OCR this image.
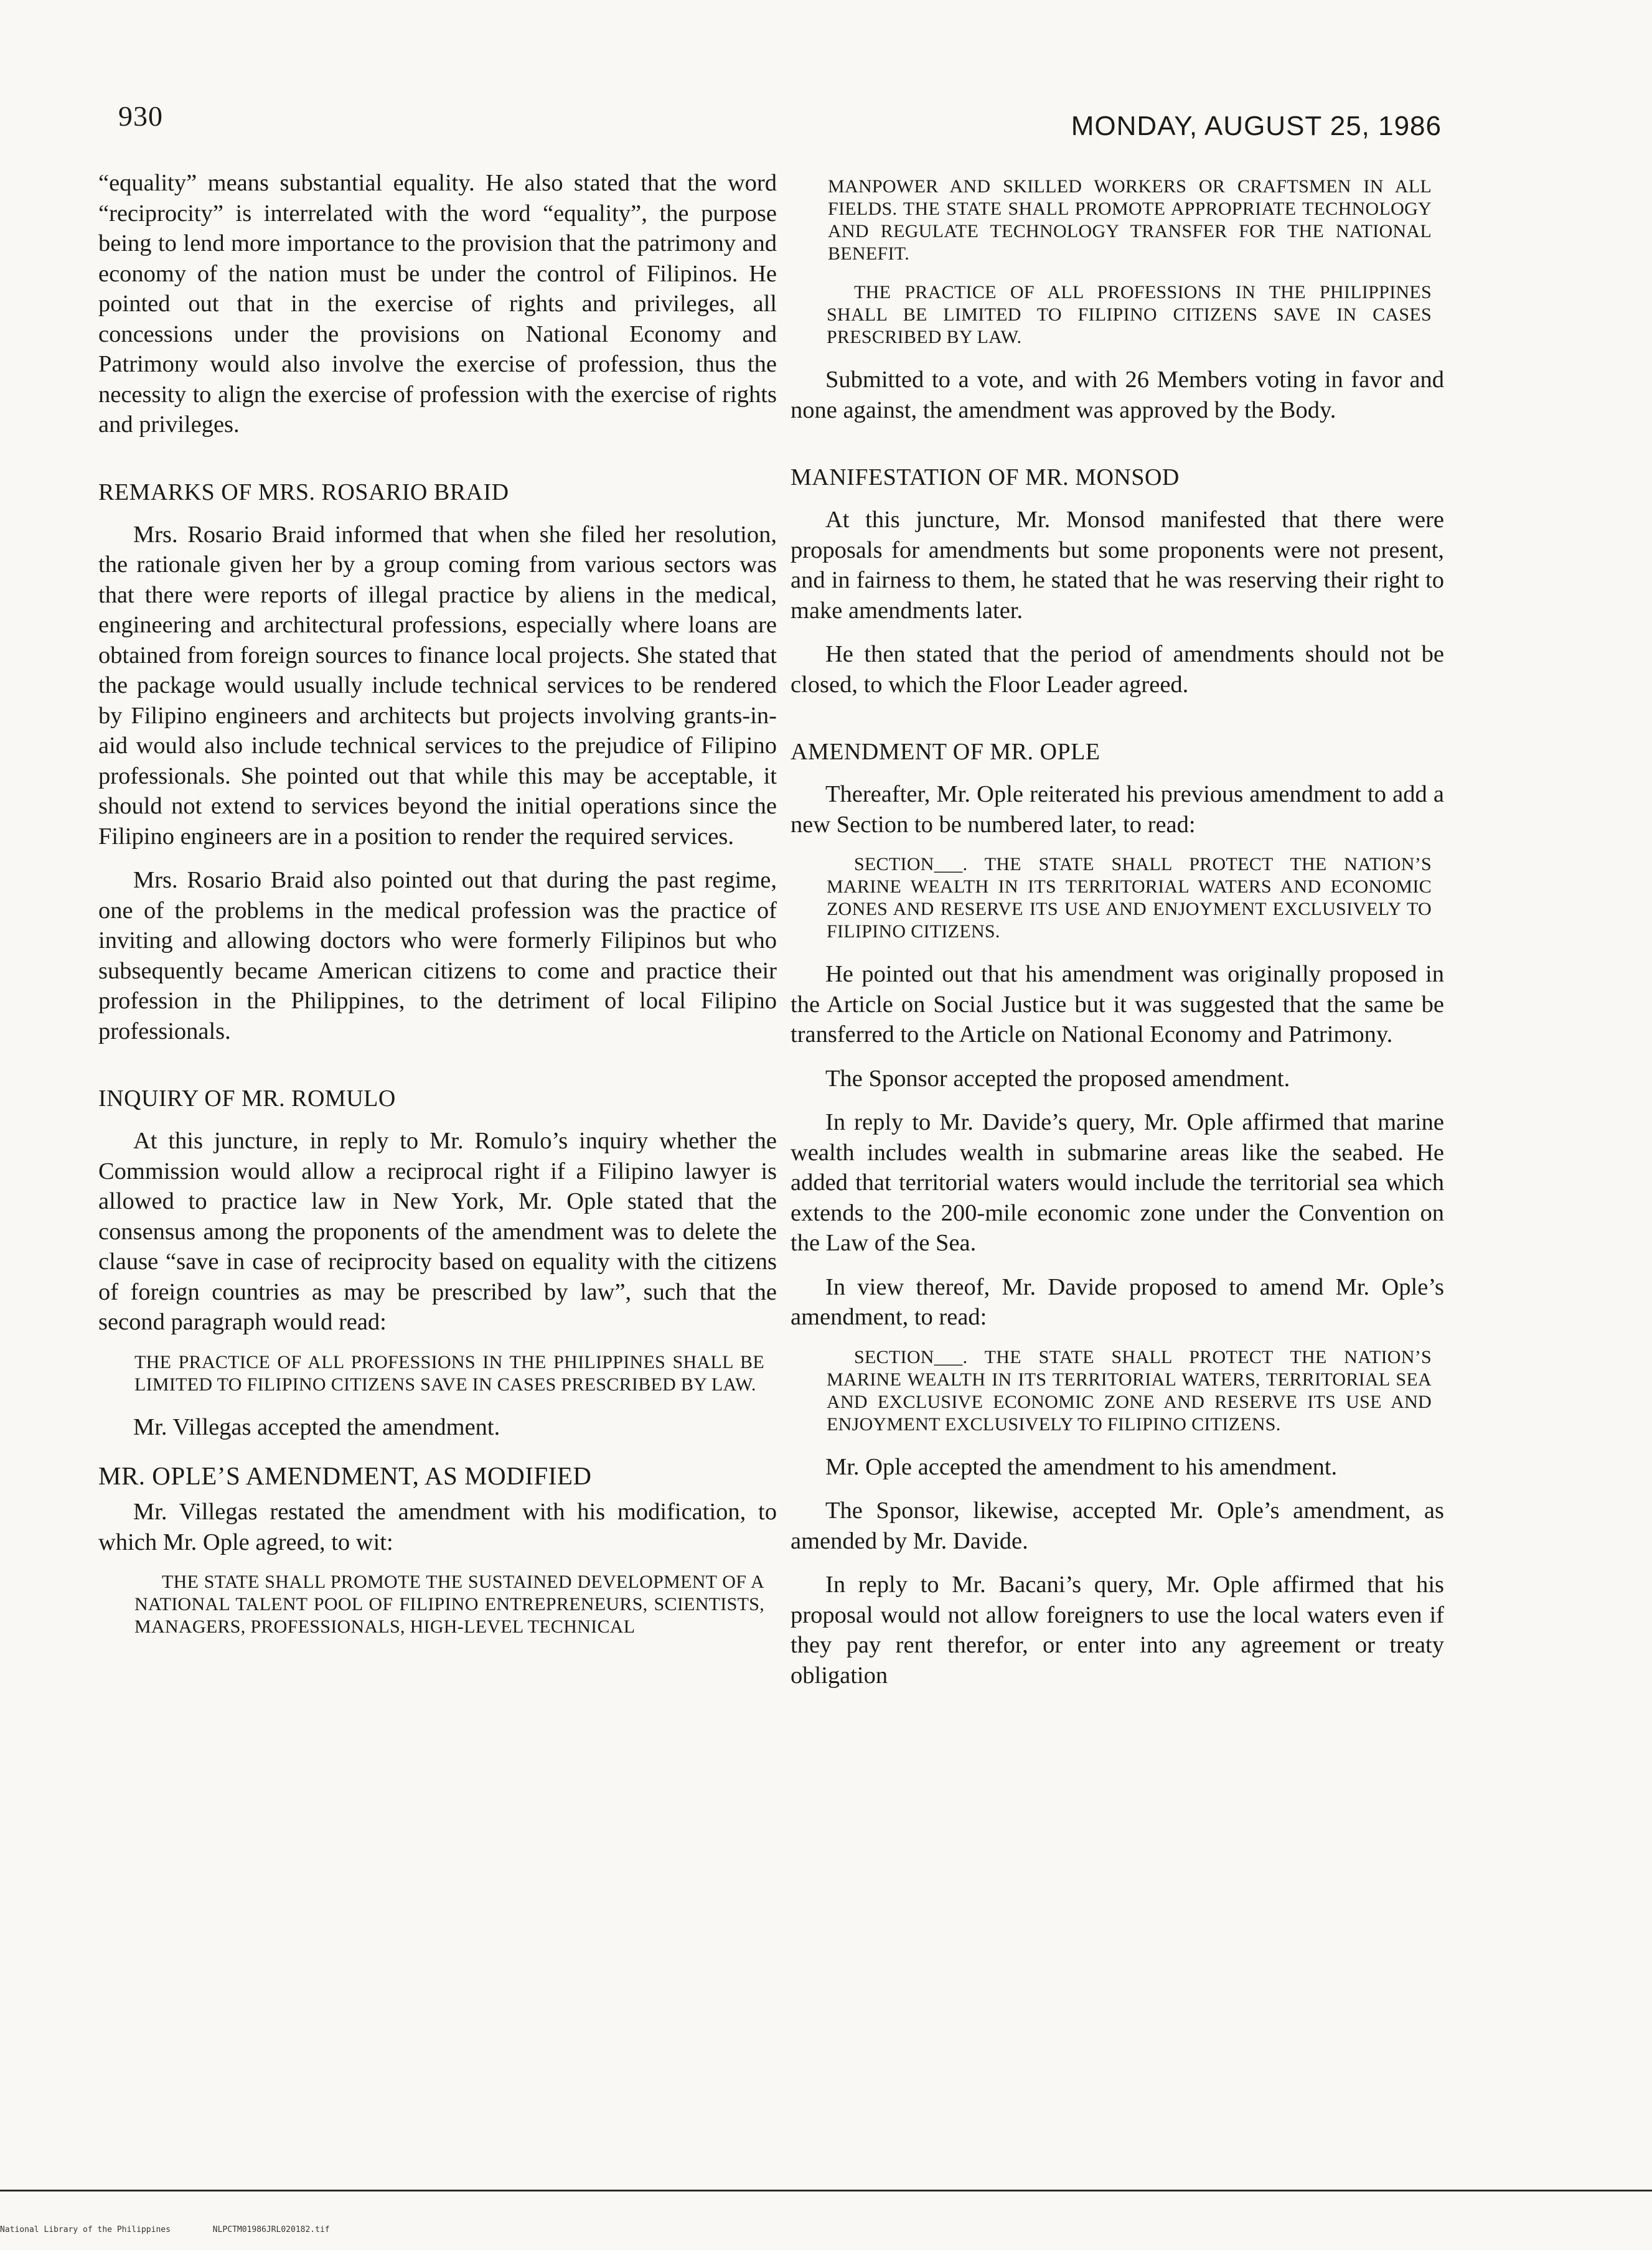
930	MONDAY, AUGUST 25, 1986

“equality” means substantial equality. He also stated that the word “reciprocity” is interrelated with the word “equality”, the purpose being to lend more importance to the provision that the patrimony and economy of the nation must be under the control of Filipinos. He pointed out that in the exercise of rights and privileges, all concessions under the provisions on National Economy and Patrimony would also involve the exercise of profession, thus the necessity to align the exercise of profession with the exercise of rights and privileges.

REMARKS OF MRS. ROSARIO BRAID

Mrs. Rosario Braid informed that when she filed her resolution, the rationale given her by a group coming from various sectors was that there were reports of illegal practice by aliens in the medical, engineering and architectural professions, especially where loans are obtained from foreign sources to finance local projects. She stated that the package would usually include technical services to be rendered by Filipino engineers and architects but projects involving grants-in-aid would also include technical services to the prejudice of Filipino professionals. She pointed out that while this may be acceptable, it should not extend to services beyond the initial operations since the Filipino engineers are in a position to render the required services.

Mrs. Rosario Braid also pointed out that during the past regime, one of the problems in the medical profession was the practice of inviting and allowing doctors who were formerly Filipinos but who subsequently became American citizens to come and practice their profession in the Philippines, to the detriment of local Filipino professionals.

INQUIRY OF MR. ROMULO

At this juncture, in reply to Mr. Romulo’s inquiry whether the Commission would allow a reciprocal right if a Filipino lawyer is allowed to practice law in New York, Mr. Ople stated that the consensus among the proponents of the amendment was to delete the clause “save in case of reciprocity based on equality with the citizens of foreign countries as may be prescribed by law”, such that the second paragraph would read:

THE PRACTICE OF ALL PROFESSIONS IN THE PHILIPPINES SHALL BE LIMITED TO FILIPINO CITIZENS SAVE IN CASES PRESCRIBED BY LAW.

Mr. Villegas accepted the amendment.

MR. OPLE’S AMENDMENT, AS MODIFIED

Mr. Villegas restated the amendment with his modification, to which Mr. Ople agreed, to wit:

THE STATE SHALL PROMOTE THE SUSTAINED DEVELOPMENT OF A NATIONAL TALENT POOL OF FILIPINO ENTREPRENEURS, SCIENTISTS, MANAGERS, PROFESSIONALS, HIGH-LEVEL TECHNICAL
MANPOWER AND SKILLED WORKERS OR CRAFTSMEN IN ALL FIELDS. THE STATE SHALL PROMOTE APPROPRIATE TECHNOLOGY AND REGULATE TECHNOLOGY TRANSFER FOR THE NATIONAL BENEFIT.
THE PRACTICE OF ALL PROFESSIONS IN THE PHILIPPINES SHALL BE LIMITED TO FILIPINO CITIZENS SAVE IN CASES PRESCRIBED BY LAW.

Submitted to a vote, and with 26 Members voting in favor and none against, the amendment was approved by the Body.

MANIFESTATION OF MR. MONSOD

At this juncture, Mr. Monsod manifested that there were proposals for amendments but some proponents were not present, and in fairness to them, he stated that he was reserving their right to make amendments later.

He then stated that the period of amendments should not be closed, to which the Floor Leader agreed.

AMENDMENT OF MR. OPLE

Thereafter, Mr. Ople reiterated his previous amendment to add a new Section to be numbered later, to read:

SECTION___. THE STATE SHALL PROTECT THE NATION’S MARINE WEALTH IN ITS TERRITORIAL WATERS AND ECONOMIC ZONES AND RESERVE ITS USE AND ENJOYMENT EXCLUSIVELY TO FILIPINO CITIZENS.

He pointed out that his amendment was originally proposed in the Article on Social Justice but it was suggested that the same be transferred to the Article on National Economy and Patrimony.

The Sponsor accepted the proposed amendment.

In reply to Mr. Davide’s query, Mr. Ople affirmed that marine wealth includes wealth in submarine areas like the seabed. He added that territorial waters would include the territorial sea which extends to the 200-mile economic zone under the Convention on the Law of the Sea.

In view thereof, Mr. Davide proposed to amend Mr. Ople’s amendment, to read:

SECTION___. THE STATE SHALL PROTECT THE NATION’S MARINE WEALTH IN ITS TERRITORIAL WATERS, TERRITORIAL SEA AND EXCLUSIVE ECONOMIC ZONE AND RESERVE ITS USE AND ENJOYMENT EXCLUSIVELY TO FILIPINO CITIZENS.

Mr. Ople accepted the amendment to his amendment.

The Sponsor, likewise, accepted Mr. Ople’s amendment, as amended by Mr. Davide.

In reply to Mr. Bacani’s query, Mr. Ople affirmed that his proposal would not allow foreigners to use the local waters even if they pay rent therefor, or enter into any agreement or treaty obligation

National Library of the Philippines	NLPCTM01986JRL020182.tif
